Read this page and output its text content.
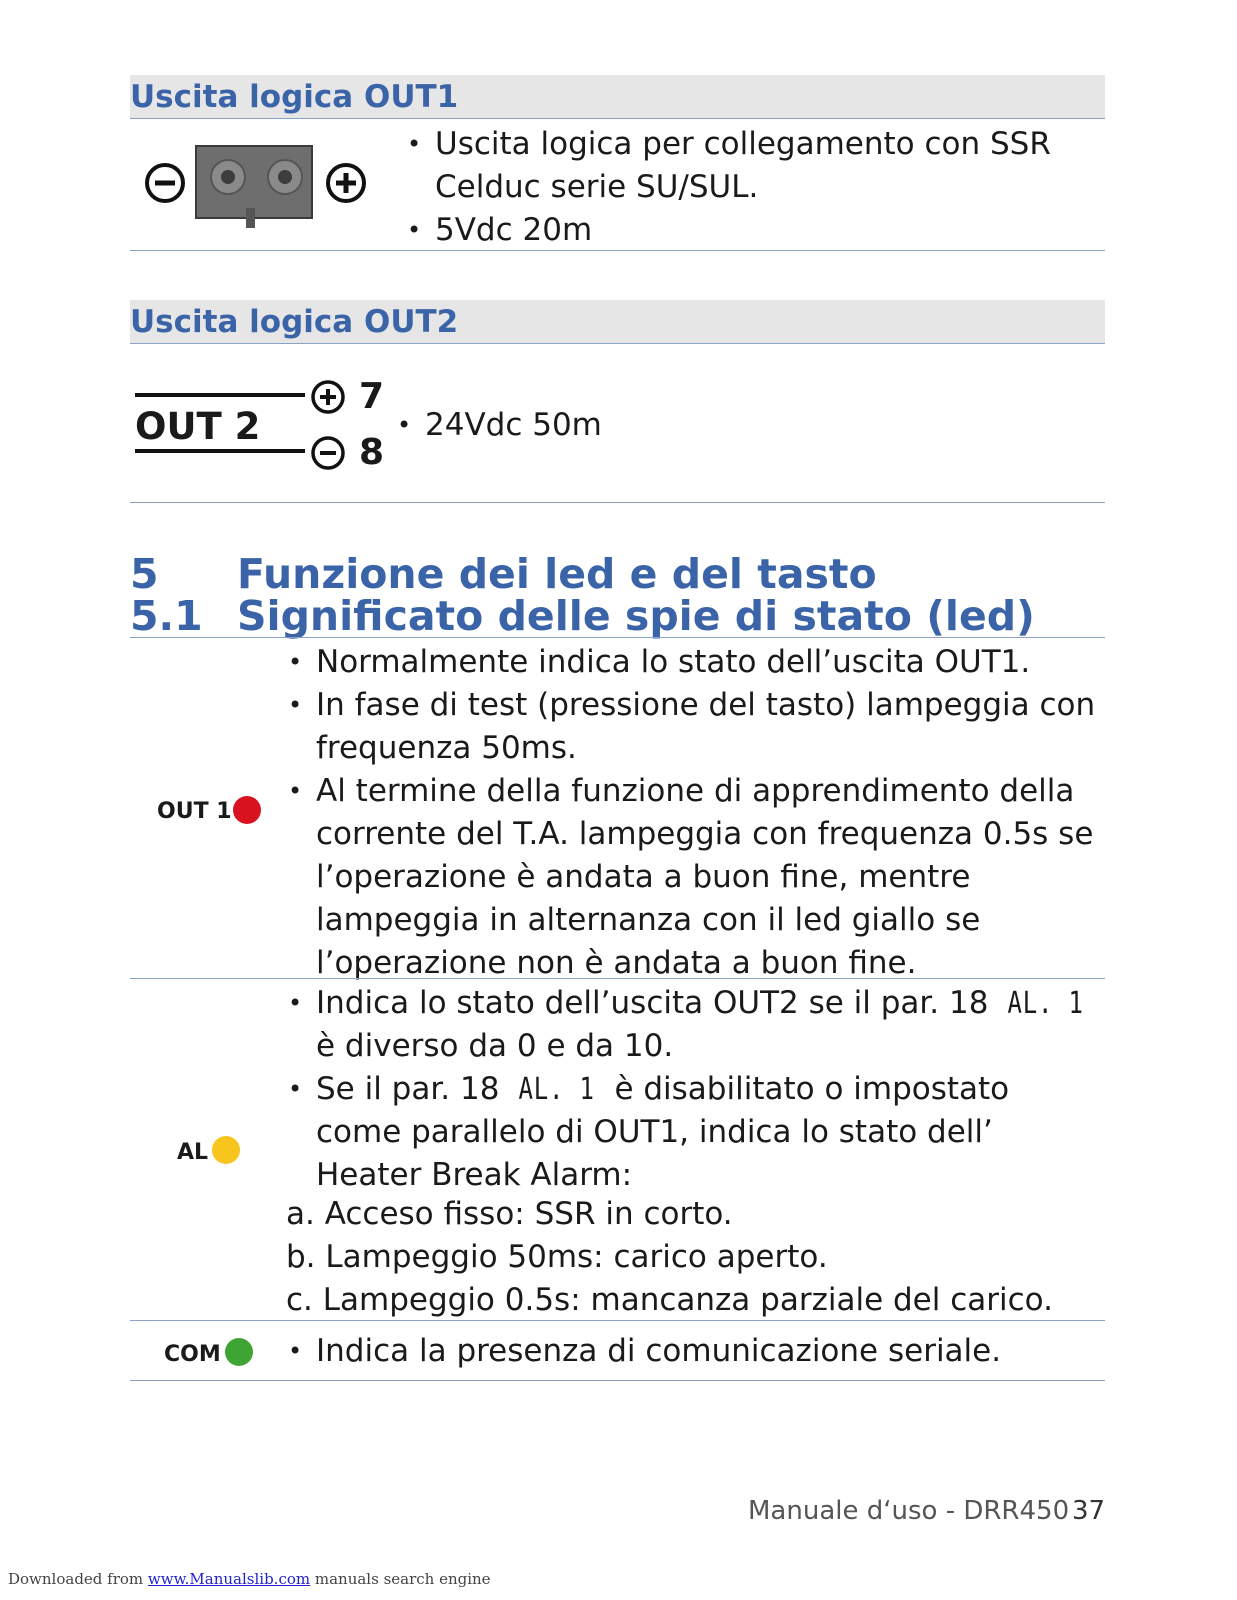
Uscita logica OUT1
• Uscita logica per collegamento con SSR Celduc serie SU/SUL.
• 5Vdc 20m
Uscita logica OUT2
OUT 2
7
8
• 24Vdc 50m
5 Funzione dei led e del tasto
5.1 Significato delle spie di stato (led)
OUT 1
• Normalmente indica lo stato dell’uscita OUT1.
• In fase di test (pressione del tasto) lampeggia con frequenza 50ms.
• Al termine della funzione di apprendimento della corrente del T.A. lampeggia con frequenza 0.5s se l’operazione è andata a buon fine, mentre lampeggia in alternanza con il led giallo se l’operazione non è andata a buon fine.
AL
• Indica lo stato dell’uscita OUT2 se il par. 18 AL. 1 è diverso da 0 e da 10.
• Se il par. 18 AL. 1 è disabilitato o impostato come parallelo di OUT1, indica lo stato dell’ Heater Break Alarm:
a. Acceso fisso: SSR in corto.
b. Lampeggio 50ms: carico aperto.
c. Lampeggio 0.5s: mancanza parziale del carico.
COM
•	Indica la presenza di comunicazione seriale.
Manuale d‘uso - DRR450 37
Downloaded from www.Manualslib.com manuals search engine
